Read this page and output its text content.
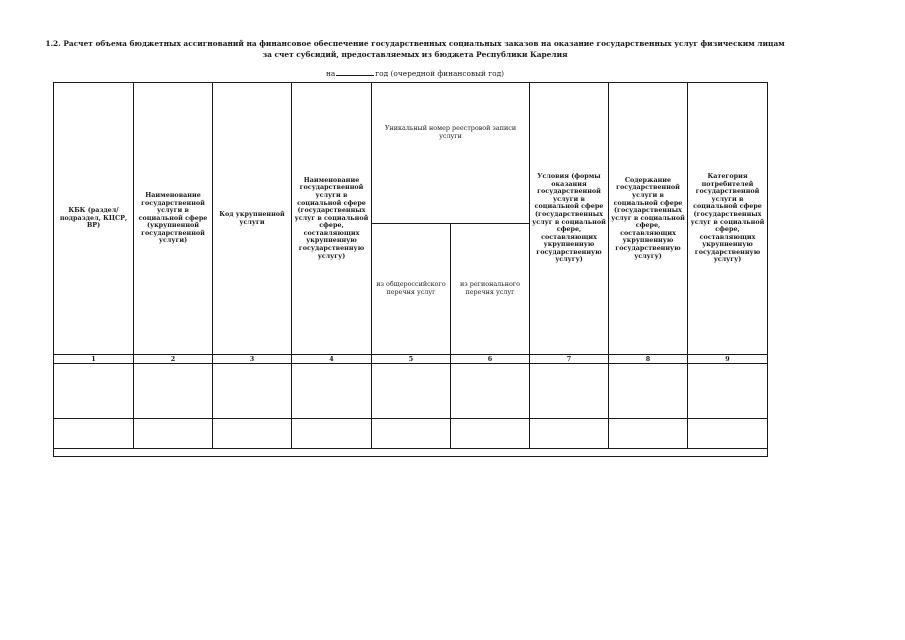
1.2. Расчет объема бюджетных ассигнований на финансовое обеспечение государственных социальных заказов на оказание государственных услуг физическим лицам за счет субсидий, предоставляемых из бюджета Республики Карелия
на	год (очередной финансовый год)
КБК (раздел/подраздел, КЦСР, ВР)	Наименование государственной услуги в социальной сфере (укрупненной государственной услуги)	Код укрупненной услуги	Наименование государственной услуги в социальной сфере (государственных услуг в социальной сфере, составляющих укрупненную государственную услугу)	Уникальный номер реестровой записи услуги		Условия (формы оказания государственной услуги в социальной сфере (государственных услуг в социальной сфере, составляющих укрупненную государственную услугу)	Содержание государственной услуги в социальной сфере (государственных услуг в социальной сфере, составляющих укрупненную государственную услугу)	Категория потребителей государственной услуги в социальной сфере (государственных услуг в социальной сфере, составляющих укрупненную государственную услугу)
				из общероссийского перечня услуг	из регионального перечня услуг			
1	2	3	4	5	6	7	8	9
